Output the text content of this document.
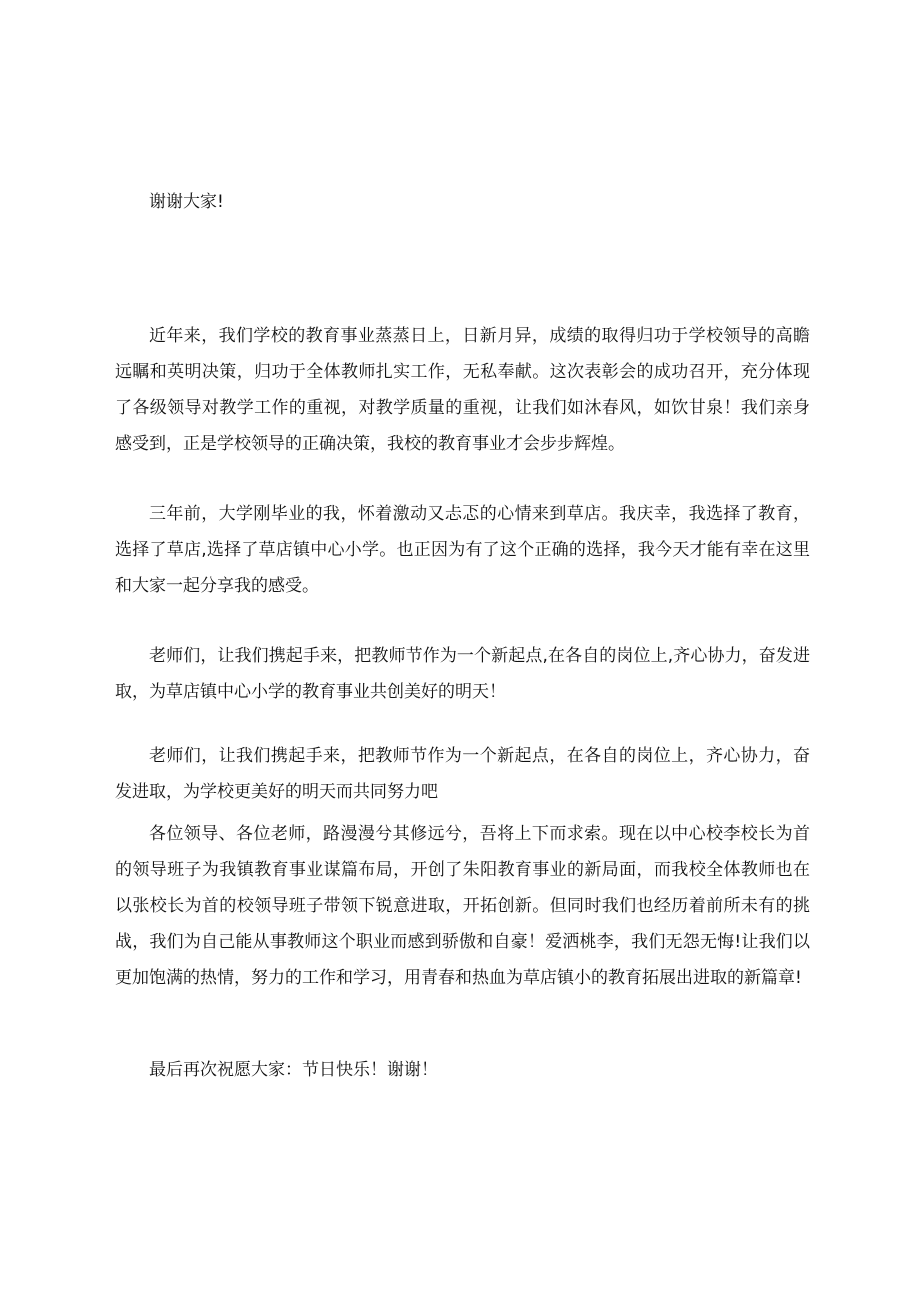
谢谢大家!

近年来，我们学校的教育事业蒸蒸日上，日新月异，成绩的取得归功于学校领导的高瞻远瞩和英明决策，归功于全体教师扎实工作，无私奉献。这次表彰会的成功召开，充分体现了各级领导对教学工作的重视，对教学质量的重视，让我们如沐春风，如饮甘泉！我们亲身感受到，正是学校领导的正确决策，我校的教育事业才会步步辉煌。

三年前，大学刚毕业的我，怀着激动又忐忑的心情来到草店。我庆幸，我选择了教育，选择了草店,选择了草店镇中心小学。也正因为有了这个正确的选择，我今天才能有幸在这里和大家一起分享我的感受。

老师们，让我们携起手来，把教师节作为一个新起点,在各自的岗位上,齐心协力，奋发进取，为草店镇中心小学的教育事业共创美好的明天！

老师们，让我们携起手来，把教师节作为一个新起点，在各自的岗位上，齐心协力，奋发进取，为学校更美好的明天而共同努力吧

各位领导、各位老师，路漫漫兮其修远兮，吾将上下而求索。现在以中心校李校长为首的领导班子为我镇教育事业谋篇布局，开创了朱阳教育事业的新局面，而我校全体教师也在以张校长为首的校领导班子带领下锐意进取，开拓创新。但同时我们也经历着前所未有的挑战，我们为自己能从事教师这个职业而感到骄傲和自豪！爱洒桃李，我们无怨无悔!让我们以更加饱满的热情，努力的工作和学习，用青春和热血为草店镇小的教育拓展出进取的新篇章!

最后再次祝愿大家：节日快乐！谢谢！
